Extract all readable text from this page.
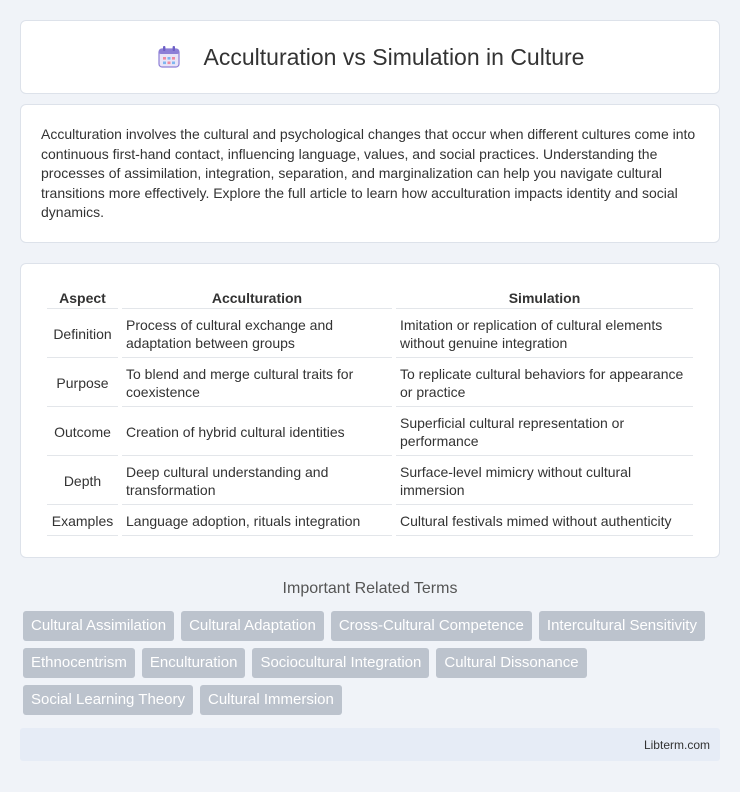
Acculturation vs Simulation in Culture

Acculturation involves the cultural and psychological changes that occur when different cultures come into continuous first-hand contact, influencing language, values, and social practices. Understanding the processes of assimilation, integration, separation, and marginalization can help you navigate cultural transitions more effectively. Explore the full article to learn how acculturation impacts identity and social dynamics.

Aspect	Acculturation	Simulation
Definition	Process of cultural exchange and adaptation between groups	Imitation or replication of cultural elements without genuine integration
Purpose	To blend and merge cultural traits for coexistence	To replicate cultural behaviors for appearance or practice
Outcome	Creation of hybrid cultural identities	Superficial cultural representation or performance
Depth	Deep cultural understanding and transformation	Surface-level mimicry without cultural immersion
Examples	Language adoption, rituals integration	Cultural festivals mimed without authenticity
Important Related Terms
Cultural Assimilation	Cultural Adaptation	Cross-Cultural Competence	Intercultural Sensitivity
Ethnocentrism	Enculturation	Sociocultural Integration	Cultural Dissonance
Social Learning Theory	Cultural Immersion
Libterm.com
